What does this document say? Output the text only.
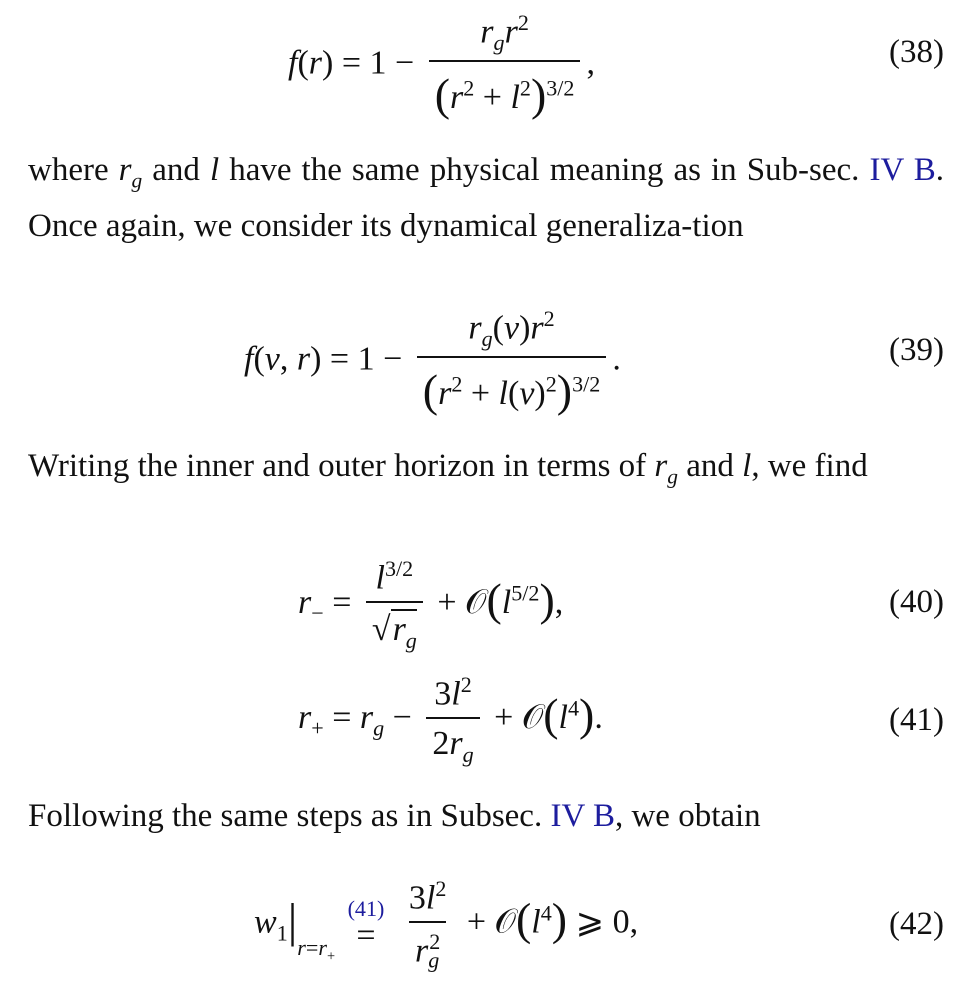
$f(r) = 1 - \frac{r_gr^2}{(r^2 + l^2)^{3/2}}$ ,	(38)

where $r_g$ and l have the same physical meaning as in Sub-sec. IV B. Once again, we consider its dynamical generaliza-tion

f(v, $r) = 1 - \frac{r_g(v)r^2}{(r^2 + l(v)^2)^{3/2}}$ .	(39)

Writing the inner and outer horizon in terms of $r_g$ and l, we find

$r_- = \frac{l^{3/2}}{√r_g}$ + $𝒪(l^{5/2})$,	(40)
$r_+ = r_g - \frac{3l^2}{2r_g}$ + $𝒪(l^4)$.	(41)

Following the same steps as in Subsec. IV B, we obtain

$w_1|_{r=r_+}$
(41)
=
$\frac{3l^2}{r_g^2}$ + $𝒪(l^4)$ ⩾ 0,	(42)
